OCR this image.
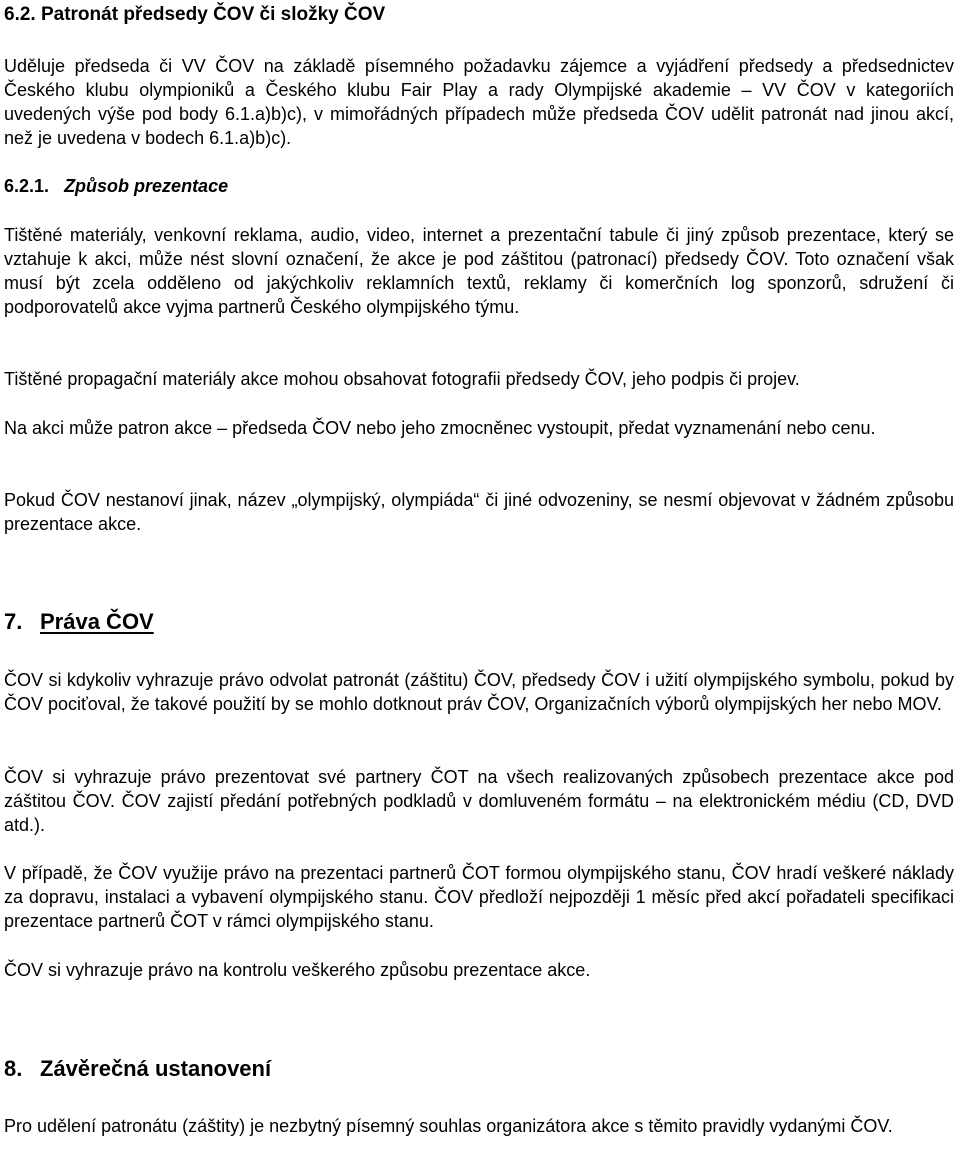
6.2. Patronát předsedy ČOV či složky ČOV

Uděluje předseda či VV ČOV na základě písemného požadavku zájemce a vyjádření předsedy a předsednictev Českého klubu olympioniků a Českého klubu Fair Play a rady Olympijské akademie – VV ČOV v kategoriích uvedených výše pod body 6.1.a)b)c), v mimořádných případech může předseda ČOV udělit patronát nad jinou akcí, než je uvedena v bodech 6.1.a)b)c).

6.2.1. Způsob prezentace

Tištěné materiály, venkovní reklama, audio, video, internet a prezentační tabule či jiný způsob prezentace, který se vztahuje k akci, může nést slovní označení, že akce je pod záštitou (patronací) předsedy ČOV. Toto označení však musí být zcela odděleno od jakýchkoliv reklamních textů, reklamy či komerčních log sponzorů, sdružení či podporovatelů akce vyjma partnerů Českého olympijského týmu.

Tištěné propagační materiály akce mohou obsahovat fotografii předsedy ČOV, jeho podpis či projev.

Na akci může patron akce – předseda ČOV nebo jeho zmocněnec vystoupit, předat vyznamenání nebo cenu.

Pokud ČOV nestanoví jinak, název „olympijský, olympiáda“ či jiné odvozeniny, se nesmí objevovat v žádném způsobu prezentace akce.

7. Práva ČOV

ČOV si kdykoliv vyhrazuje právo odvolat patronát (záštitu) ČOV, předsedy ČOV i užití olympijského symbolu, pokud by ČOV pociťoval, že takové použití by se mohlo dotknout práv ČOV, Organizačních výborů olympijských her nebo MOV.

ČOV si vyhrazuje právo prezentovat své partnery ČOT na všech realizovaných způsobech prezentace akce pod záštitou ČOV. ČOV zajistí předání potřebných podkladů v domluveném formátu – na elektronickém médiu (CD, DVD atd.).

V případě, že ČOV využije právo na prezentaci partnerů ČOT formou olympijského stanu, ČOV hradí veškeré náklady za dopravu, instalaci a vybavení olympijského stanu. ČOV předloží nejpozději 1 měsíc před akcí pořadateli specifikaci prezentace partnerů ČOT v rámci olympijského stanu.

ČOV si vyhrazuje právo na kontrolu veškerého způsobu prezentace akce.

8. Závěrečná ustanovení

Pro udělení patronátu (záštity) je nezbytný písemný souhlas organizátora akce s těmito pravidly vydanými ČOV.
